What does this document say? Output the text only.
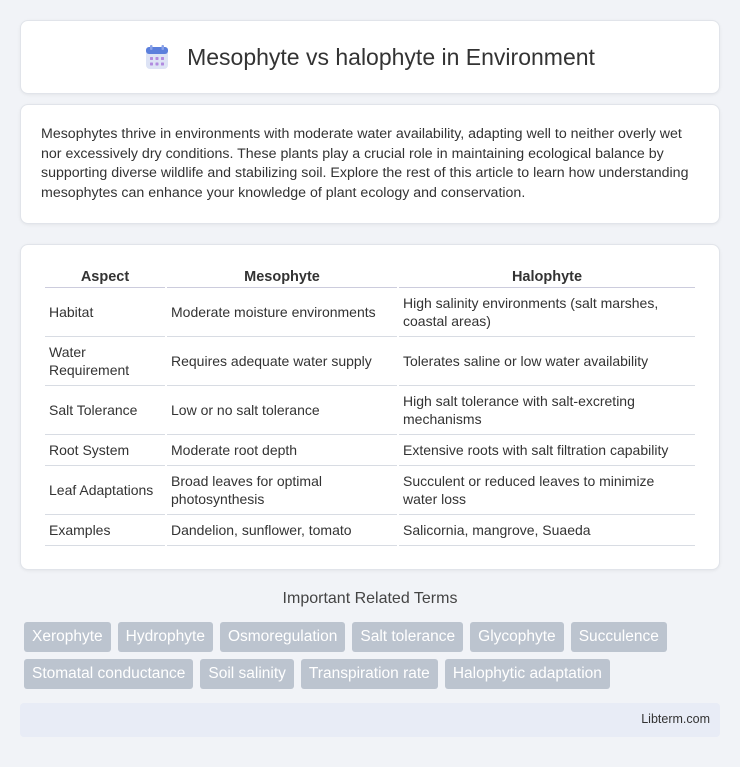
Mesophyte vs halophyte in Environment

Mesophytes thrive in environments with moderate water availability, adapting well to neither overly wet nor excessively dry conditions. These plants play a crucial role in maintaining ecological balance by supporting diverse wildlife and stabilizing soil. Explore the rest of this article to learn how understanding mesophytes can enhance your knowledge of plant ecology and conservation.

Aspect	Mesophyte	Halophyte
Habitat	Moderate moisture environments	High salinity environments (salt marshes, coastal areas)
Water Requirement	Requires adequate water supply	Tolerates saline or low water availability
Salt Tolerance	Low or no salt tolerance	High salt tolerance with salt-excreting mechanisms
Root System	Moderate root depth	Extensive roots with salt filtration capability
Leaf Adaptations	Broad leaves for optimal photosynthesis	Succulent or reduced leaves to minimize water loss
Examples	Dandelion, sunflower, tomato	Salicornia, mangrove, Suaeda
Important Related Terms
Xerophyte	Hydrophyte	Osmoregulation	Salt tolerance	Glycophyte	Succulence
Stomatal conductance	Soil salinity	Transpiration rate	Halophytic adaptation
Libterm.com
